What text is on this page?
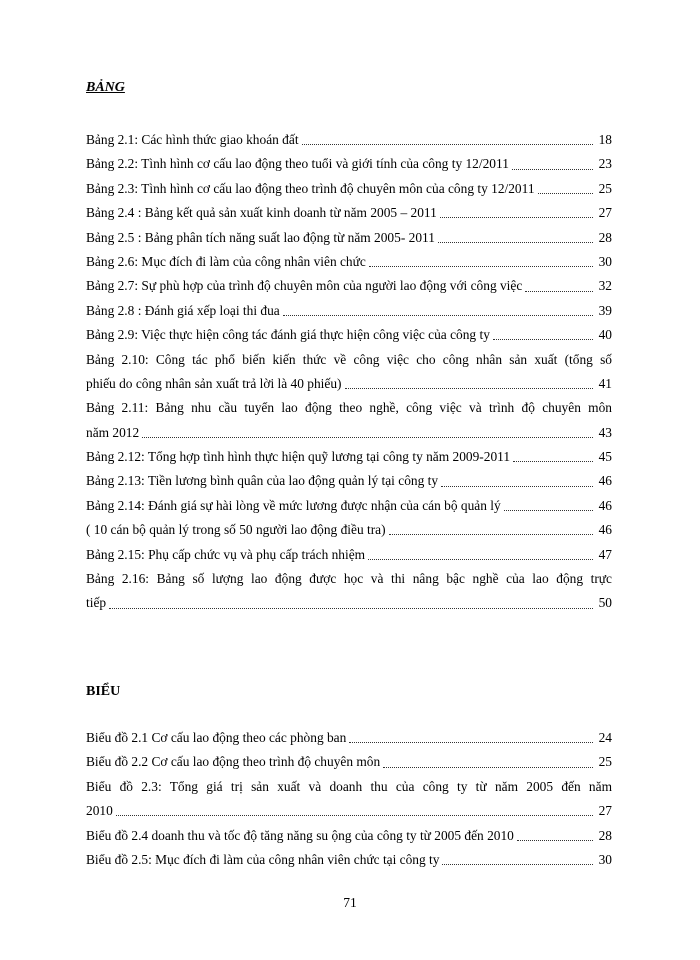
BẢNG
Bảng 2.1: Các hình thức giao khoán đất	18
Bảng 2.2: Tình hình cơ cấu lao động theo tuổi và giới tính của công ty 12/2011	23
Bảng 2.3: Tình hình cơ cấu lao động theo trình độ chuyên môn của công ty 12/2011	25
Bảng 2.4 : Bảng kết quả sản xuất kinh doanh từ năm 2005 – 2011	27
Bảng 2.5 : Bảng phân tích năng suất lao động từ năm 2005- 2011	28
Bảng 2.6: Mục đích đi làm của công nhân viên chức	30
Bảng 2.7: Sự phù hợp của trình độ chuyên môn của người lao động với công việc	32
Bảng 2.8 : Đánh giá xếp loại thi đua	39
Bảng 2.9: Việc thực hiện công tác đánh giá thực hiện công việc của công ty	40
Bảng 2.10: Công tác phổ biến kiến thức về công việc cho công nhân sản xuất (tổng số
phiếu do công nhân sản xuất trả lời là 40 phiếu)	41
Bảng 2.11: Bảng nhu cầu tuyển lao động theo nghề, công việc và trình độ chuyên môn
năm 2012	43
Bảng 2.12: Tổng hợp tình hình thực hiện quỹ lương tại công ty năm 2009-2011	45
Bảng 2.13: Tiền lương bình quân của lao động quản lý tại công ty	46
Bảng 2.14: Đánh giá sự hài lòng về mức lương được nhận của cán bộ quản lý	46
( 10 cán bộ quản lý trong số 50 người lao động điều tra)	46
Bảng 2.15: Phụ cấp chức vụ và phụ cấp trách nhiệm	47
Bảng 2.16: Bảng số lượng lao động được học và thi nâng bậc nghề của lao động trực
tiếp	50
BIỂU
Biểu đồ 2.1 Cơ cấu lao động theo các phòng ban	24
Biểu đồ 2.2 Cơ cấu lao động theo trình độ chuyên môn	25
Biểu đồ 2.3: Tổng giá trị sản xuất và doanh thu của công ty từ năm 2005 đến năm
2010	27
Biểu đồ 2.4 doanh thu và tốc độ tăng năng su ộng của công ty từ 2005 đến 2010	28
Biểu đồ 2.5: Mục đích đi làm của công nhân viên chức tại công ty	30
71
